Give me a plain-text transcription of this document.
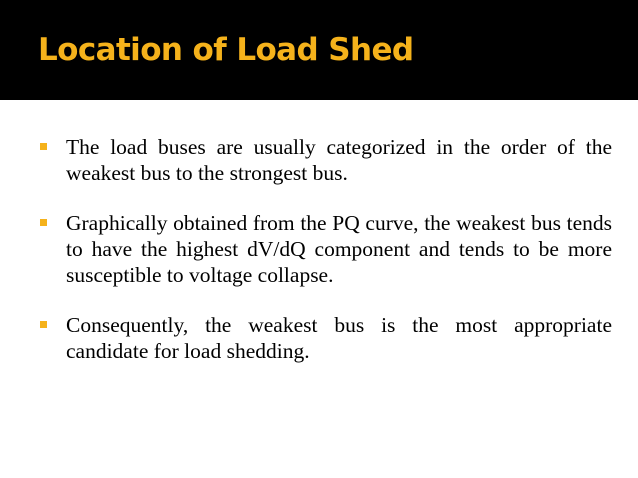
Location of Load Shed
The load buses are usually categorized in the order of the weakest bus to the strongest bus.
Graphically obtained from the PQ curve, the weakest bus tends to have the highest dV/dQ component and tends to be more susceptible to voltage collapse.
Consequently, the weakest bus is the most appropriate candidate for load shedding.
